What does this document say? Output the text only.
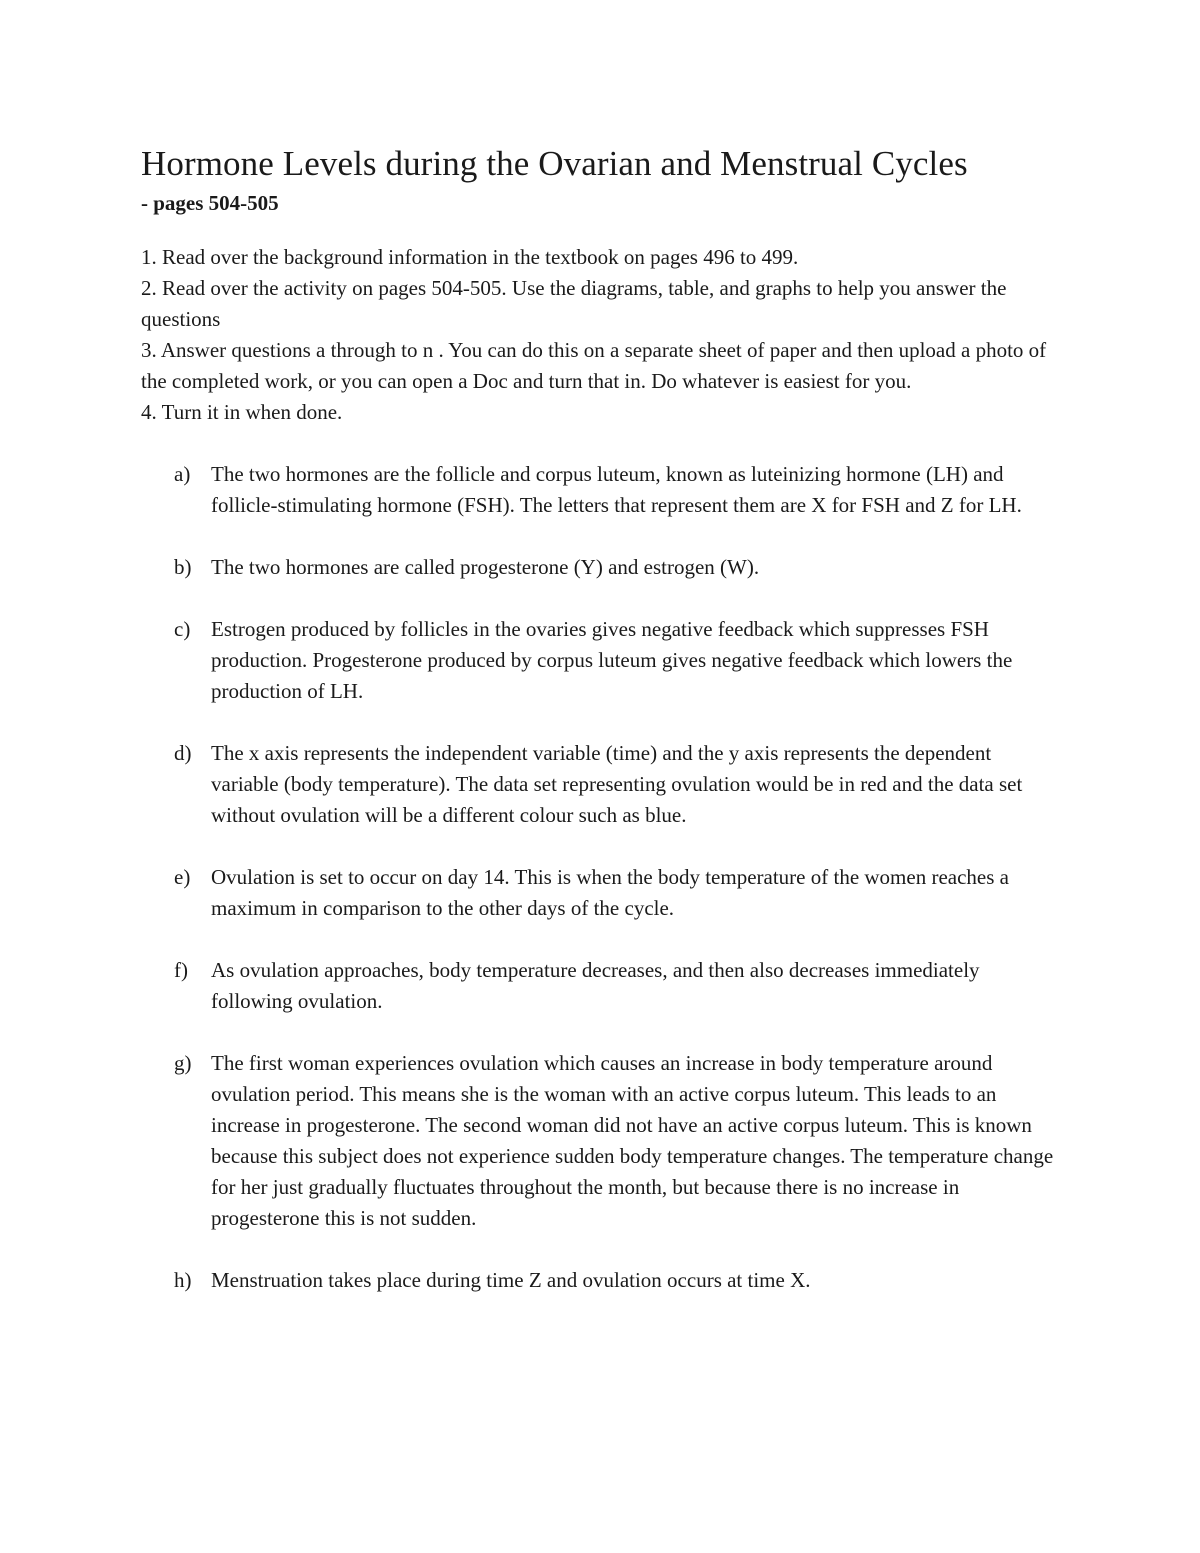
Hormone Levels during the Ovarian and Menstrual Cycles
- pages 504-505

1. Read over the background information in the textbook on pages 496 to 499.

2. Read over the activity on pages 504-505. Use the diagrams, table, and graphs to help you answer the questions

3. Answer questions a through to n . You can do this on a separate sheet of paper and then upload a photo of the completed work, or you can open a Doc and turn that in. Do whatever is easiest for you.

4. Turn it in when done.

a) The two hormones are the follicle and corpus luteum, known as luteinizing hormone (LH) and follicle-stimulating hormone (FSH). The letters that represent them are X for FSH and Z for LH.
b) The two hormones are called progesterone (Y) and estrogen (W).
c) Estrogen produced by follicles in the ovaries gives negative feedback which suppresses FSH production. Progesterone produced by corpus luteum gives negative feedback which lowers the production of LH.
d) The x axis represents the independent variable (time) and the y axis represents the dependent variable (body temperature). The data set representing ovulation would be in red and the data set without ovulation will be a different colour such as blue.
e) Ovulation is set to occur on day 14. This is when the body temperature of the women reaches a maximum in comparison to the other days of the cycle.
f) As ovulation approaches, body temperature decreases, and then also decreases immediately following ovulation.
g) The first woman experiences ovulation which causes an increase in body temperature around ovulation period. This means she is the woman with an active corpus luteum. This leads to an increase in progesterone. The second woman did not have an active corpus luteum. This is known because this subject does not experience sudden body temperature changes. The temperature change for her just gradually fluctuates throughout the month, but because there is no increase in progesterone this is not sudden.
h) Menstruation takes place during time Z and ovulation occurs at time X.
